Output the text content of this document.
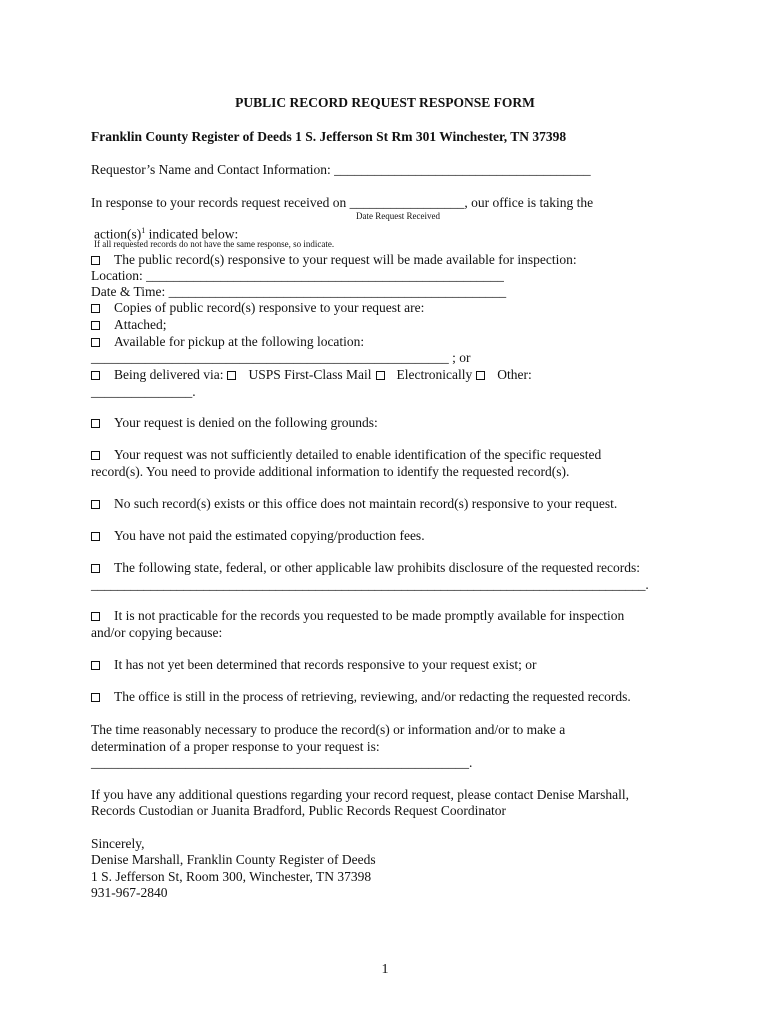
PUBLIC RECORD REQUEST RESPONSE FORM

Franklin County Register of Deeds 1 S. Jefferson St Rm 301 Winchester, TN 37398

Requestor’s Name and Contact Information: ______________________________________

In response to your records request received on _________________, our office is taking the

Date Request Received

$action(s)^1$ indicated below:

If all requested records do not have the same response, so indicate.

The public record(s) responsive to your request will be made available for inspection:

Location: _____________________________________________________

Date & Time: __________________________________________________

Copies of public record(s) responsive to your request are:

Attached;

Available for pickup at the following location:

_____________________________________________________ ; or

Being delivered via: USPS First-Class Mail Electronically Other:

_______________.

Your request is denied on the following grounds:

Your request was not sufficiently detailed to enable identification of the specific requested

record(s). You need to provide additional information to identify the requested record(s).

No such record(s) exists or this office does not maintain record(s) responsive to your request.

You have not paid the estimated copying/production fees.

The following state, federal, or other applicable law prohibits disclosure of the requested records:

____________________________________________________________________________________.

It is not practicable for the records you requested to be made promptly available for inspection

and/or copying because:

It has not yet been determined that records responsive to your request exist; or

The office is still in the process of retrieving, reviewing, and/or redacting the requested records.

The time reasonably necessary to produce the record(s) or information and/or to make a

determination of a proper response to your request is:

________________________________________________________.

If you have any additional questions regarding your record request, please contact Denise Marshall,

Records Custodian or Juanita Bradford, Public Records Request Coordinator

Sincerely,

Denise Marshall, Franklin County Register of Deeds

1 S. Jefferson St, Room 300, Winchester, TN 37398

931-967-2840

1
